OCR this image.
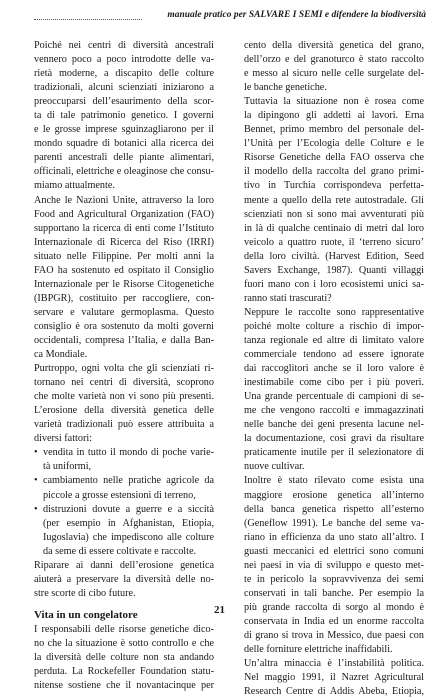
manuale pratico per SALVARE I SEMI e difendere la biodiversità
Poiché nei centri di diversità ancestrali
vennero poco a poco introdotte delle va-
rietà moderne, a discapito delle colture
tradizionali, alcuni scienziati iniziarono a
preoccuparsi dell’esaurimento della scor-
ta di tale patrimonio genetico. I governi
e le grosse imprese sguinzagliarono per il
mondo squadre di botanici alla ricerca dei
parenti ancestrali delle piante alimentari,
officinali, elettriche e oleaginose che consu-
miamo attualmente.
Anche le Nazioni Unite, attraverso la loro
Food and Agricultural Organization (FAO)
supportano la ricerca di enti come l’Istituto
Internazionale di Ricerca del Riso (IRRI)
situato nelle Filippine. Per molti anni la
FAO ha sostenuto ed ospitato il Consiglio
Internazionale per le Risorse Citogenetiche
(IBPGR), costituito per raccogliere, con-
servare e valutare germoplasma. Questo
consiglio è ora sostenuto da molti governi
occidentali, compresa l’Italia, e dalla Ban-
ca Mondiale.
Purtroppo, ogni volta che gli scienziati ri-
tornano nei centri di diversità, scoprono
che molte varietà non vi sono più presenti.
L’erosione della diversità genetica delle
varietà tradizionali può essere attribuita a
diversi fattori:
vendita in tutto il mondo di poche varie-
•
tà uniformi,
cambiamento nelle pratiche agricole da
•
piccole a grosse estensioni di terreno,
distruzioni dovute a guerre e a siccità
•
(per esempio in Afghanistan, Etiopia,
Iugoslavia) che impediscono alle colture
da seme di essere coltivate e raccolte.
Riparare ai danni dell’erosione genetica
aiuterà a preservare la diversità delle no-
stre scorte di cibo future.
Vita in un congelatore
I responsabili delle risorse genetiche dico-
no che la situazione è sotto controllo e che
la diversità delle colture non sta andando
perduta. La Rockefeller Foundation statu-
nitense sostiene che il novantacinque per
cento della diversità genetica del grano,
dell’orzo e del granoturco è stato raccolto
e messo al sicuro nelle celle surgelate del-
le banche genetiche.
Tuttavia la situazione non è rosea come
la dipingono gli addetti ai lavori. Erna
Bennet, primo membro del personale del-
l’Unità per l’Ecologia delle Colture e le
Risorse Genetiche della FAO osserva che
il modello della raccolta del grano primi-
tivo in Turchia corrispondeva perfetta-
mente a quello della rete autostradale. Gli
scienziati non si sono mai avventurati più
in là di qualche centinaio di metri dal loro
veicolo a quattro ruote, il ‘terreno sicuro’
della loro civiltà. (Harvest Edition, Seed
Savers Exchange, 1987). Quanti villaggi
fuori mano con i loro ecosistemi unici sa-
ranno stati trascurati?
Neppure le raccolte sono rappresentative
poiché molte colture a rischio di impor-
tanza regionale ed altre di limitato valore
commerciale tendono ad essere ignorate
dai raccoglitori anche se il loro valore è
inestimabile come cibo per i più poveri.
Una grande percentuale di campioni di se-
me che vengono raccolti e immagazzinati
nelle banche dei geni presenta lacune nel-
la documentazione, così gravi da risultare
praticamente inutile per il selezionatore di
nuove cultivar.
Inoltre è stato rilevato come esista una
maggiore erosione genetica all’interno
della banca genetica rispetto all’esterno
(Geneflow 1991). Le banche del seme va-
riano in efficienza da uno stato all’altro. I
guasti meccanici ed elettrici sono comuni
nei paesi in via di sviluppo e questo met-
te in pericolo la sopravvivenza dei semi
conservati in tali banche. Per esempio la
più grande raccolta di sorgo al mondo è
conservata in India ed un enorme raccolta
di grano si trova in Messico, due paesi con
delle forniture elettriche inaffidabili.
Un’altra minaccia è l’instabilità politica.
Nel maggio 1991, il Nazret Agricultural
Research Centre di Addis Abeba, Etiopia,
21
